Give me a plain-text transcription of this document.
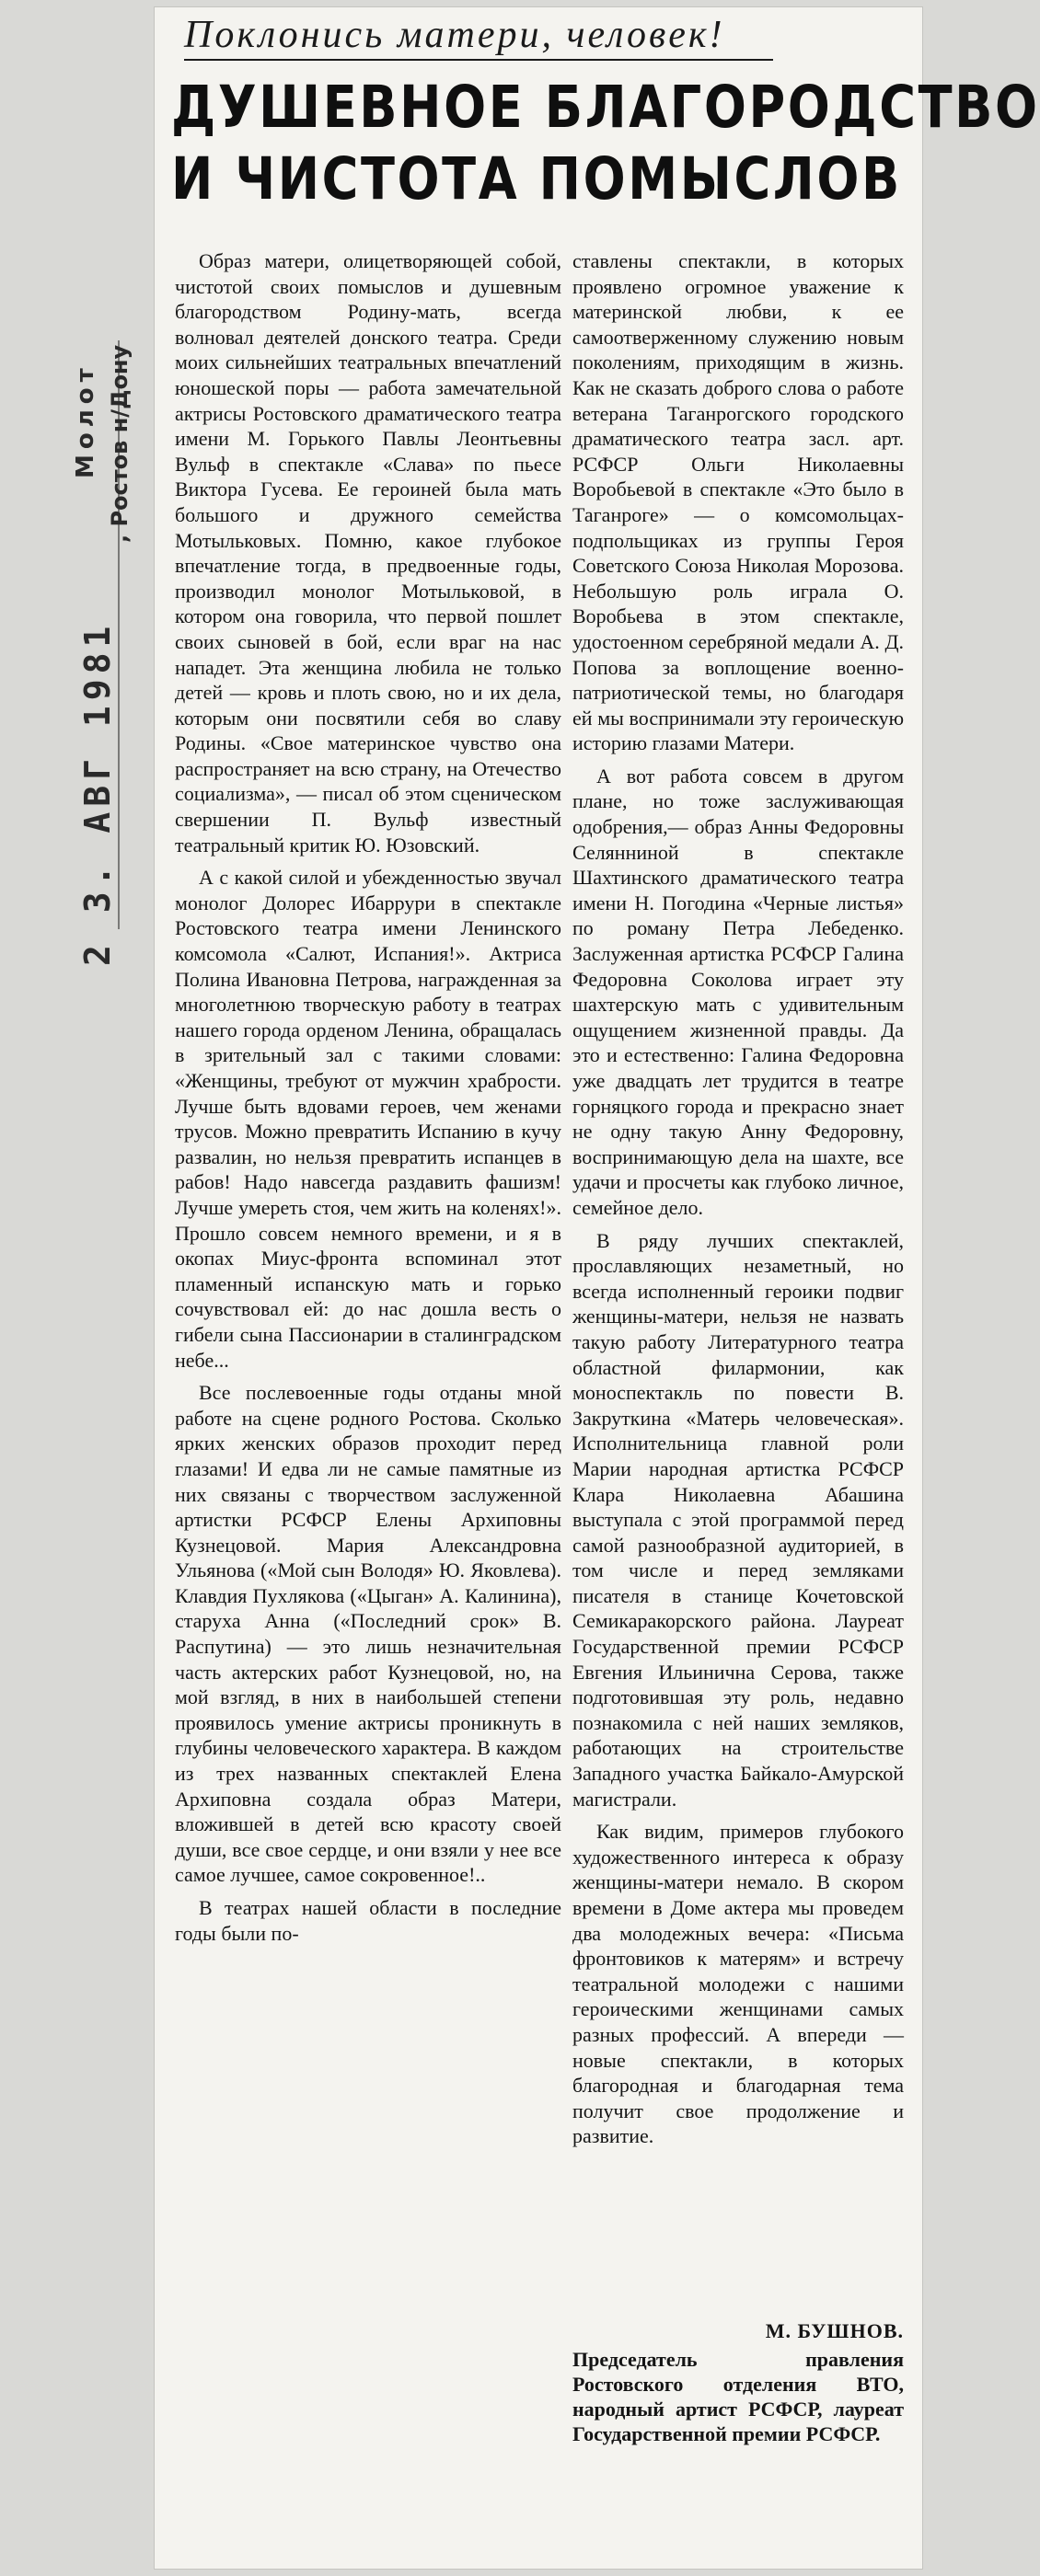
Молот , Ростов н/Дону
2 3. АВГ 1981
Поклонись матери, человек!
ДУШЕВНОЕ БЛАГОРОДСТВО
И ЧИСТОТА ПОМЫСЛОВ

Образ матери, олицетворяющей собой, чистотой своих помыслов и душевным благородством Родину-мать, всегда волновал деятелей донского театра. Среди моих сильнейших театральных впечатлений юношеской поры — работа замечательной актрисы Ростовского драматического театра имени М. Горького Павлы Леонтьевны Вульф в спектакле «Слава» по пьесе Виктора Гусева. Ее героиней была мать большого и дружного семейства Мотыльковых. Помню, какое глубокое впечатление тогда, в предвоенные годы, производил монолог Мотыльковой, в котором она говорила, что первой пошлет своих сыновей в бой, если враг на нас нападет. Эта женщина любила не только детей — кровь и плоть свою, но и их дела, которым они посвятили себя во славу Родины. «Свое материнское чувство она распространяет на всю страну, на Отечество социализма», — писал об этом сценическом свершении П. Вульф известный театральный критик Ю. Юзовский.

А с какой силой и убежденностью звучал монолог Долорес Ибаррури в спектакле Ростовского театра имени Ленинского комсомола «Салют, Испания!». Актриса Полина Ивановна Петрова, награжденная за многолетнюю творческую работу в театрах нашего города орденом Ленина, обращалась в зрительный зал с такими словами: «Женщины, требуют от мужчин храбрости. Лучше быть вдовами героев, чем женами трусов. Можно превратить Испанию в кучу развалин, но нельзя превратить испанцев в рабов! Надо навсегда раздавить фашизм! Лучше умереть стоя, чем жить на коленях!». Прошло совсем немного времени, и я в окопах Миус-фронта вспоминал этот пламенный испанскую мать и горько сочувствовал ей: до нас дошла весть о гибели сына Пассионарии в сталинградском небе...

Все послевоенные годы отданы мной работе на сцене родного Ростова. Сколько ярких женских образов проходит перед глазами! И едва ли не самые памятные из них связаны с творчеством заслуженной артистки РСФСР Елены Архиповны Кузнецовой. Мария Александровна Ульянова («Мой сын Володя» Ю. Яковлева). Клавдия Пухлякова («Цыган» А. Калинина), старуха Анна («Последний срок» В. Распутина) — это лишь незначительная часть актерских работ Кузнецовой, но, на мой взгляд, в них в наибольшей степени проявилось умение актрисы проникнуть в глубины человеческого характера. В каждом из трех названных спектаклей Елена Архиповна создала образ Матери, вложившей в детей всю красоту своей души, все свое сердце, и они взяли у нее все самое лучшее, самое сокровенное!..

В театрах нашей области в последние годы были по-

ставлены спектакли, в которых проявлено огромное уважение к материнской любви, к ее самоотверженному служению новым поколениям, приходящим в жизнь. Как не сказать доброго слова о работе ветерана Таганрогского городского драматического театра засл. арт. РСФСР Ольги Николаевны Воробьевой в спектакле «Это было в Таганроге» — о комсомольцах-подпольщиках из группы Героя Советского Союза Николая Морозова. Небольшую роль играла О. Воробьева в этом спектакле, удостоенном серебряной медали А. Д. Попова за воплощение военно-патриотической темы, но благодаря ей мы воспринимали эту героическую историю глазами Матери.

А вот работа совсем в другом плане, но тоже заслуживающая одобрения,— образ Анны Федоровны Селянниной в спектакле Шахтинского драматического театра имени Н. Погодина «Черные листья» по роману Петра Лебеденко. Заслуженная артистка РСФСР Галина Федоровна Соколова играет эту шахтерскую мать с удивительным ощущением жизненной правды. Да это и естественно: Галина Федоровна уже двадцать лет трудится в театре горняцкого города и прекрасно знает не одну такую Анну Федоровну, воспринимающую дела на шахте, все удачи и просчеты как глубоко личное, семейное дело.

В ряду лучших спектаклей, прославляющих незаметный, но всегда исполненный героики подвиг женщины-матери, нельзя не назвать такую работу Литературного театра областной филармонии, как моноспектакль по повести В. Закруткина «Матерь человеческая». Исполнительница главной роли Марии народная артистка РСФСР Клара Николаевна Абашина выступала с этой программой перед самой разнообразной аудиторией, в том числе и перед земляками писателя в станице Кочетовской Семикаракорского района. Лауреат Государственной премии РСФСР Евгения Ильинична Серова, также подготовившая эту роль, недавно познакомила с ней наших земляков, работающих на строительстве Западного участка Байкало-Амурской магистрали.

Как видим, примеров глубокого художественного интереса к образу женщины-матери немало. В скором времени в Доме актера мы проведем два молодежных вечера: «Письма фронтовиков к матерям» и встречу театральной молодежи с нашими героическими женщинами самых разных профессий. А впереди — новые спектакли, в которых благородная и благодарная тема получит свое продолжение и развитие.

М. БУШНОВ.
Председатель правления Ростовского отделения ВТО, народный артист РСФСР, лауреат Государственной премии РСФСР.
